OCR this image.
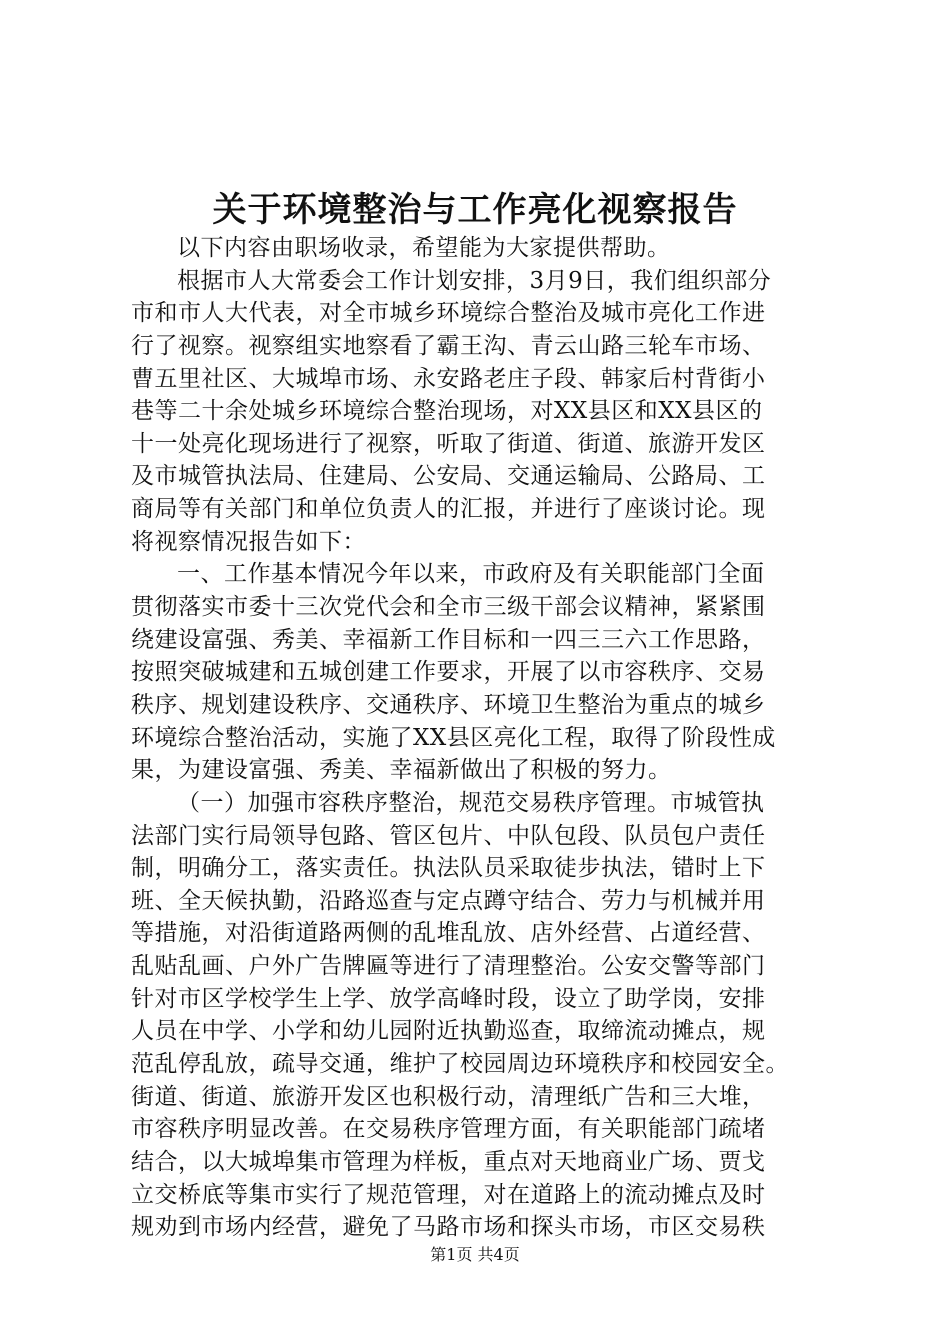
关于环境整治与工作亮化视察报告
以下内容由职场收录，希望能为大家提供帮助。
根据市人大常委会工作计划安排，3月9日，我们组织部分
市和市人大代表，对全市城乡环境综合整治及城市亮化工作进
行了视察。视察组实地察看了霸王沟、青云山路三轮车市场、
曹五里社区、大城埠市场、永安路老庄子段、韩家后村背街小
巷等二十余处城乡环境综合整治现场，对XX县区和XX县区的
十一处亮化现场进行了视察，听取了街道、街道、旅游开发区
及市城管执法局、住建局、公安局、交通运输局、公路局、工
商局等有关部门和单位负责人的汇报，并进行了座谈讨论。现
将视察情况报告如下：
一、工作基本情况今年以来，市政府及有关职能部门全面
贯彻落实市委十三次党代会和全市三级干部会议精神，紧紧围
绕建设富强、秀美、幸福新工作目标和一四三三六工作思路，
按照突破城建和五城创建工作要求，开展了以市容秩序、交易
秩序、规划建设秩序、交通秩序、环境卫生整治为重点的城乡
环境综合整治活动，实施了XX县区亮化工程，取得了阶段性成
果，为建设富强、秀美、幸福新做出了积极的努力。
（一）加强市容秩序整治，规范交易秩序管理。市城管执
法部门实行局领导包路、管区包片、中队包段、队员包户责任
制，明确分工，落实责任。执法队员采取徒步执法，错时上下
班、全天候执勤，沿路巡查与定点蹲守结合、劳力与机械并用
等措施，对沿街道路两侧的乱堆乱放、店外经营、占道经营、
乱贴乱画、户外广告牌匾等进行了清理整治。公安交警等部门
针对市区学校学生上学、放学高峰时段，设立了助学岗，安排
人员在中学、小学和幼儿园附近执勤巡查，取缔流动摊点，规
范乱停乱放，疏导交通，维护了校园周边环境秩序和校园安全。
街道、街道、旅游开发区也积极行动，清理纸广告和三大堆，
市容秩序明显改善。在交易秩序管理方面，有关职能部门疏堵
结合，以大城埠集市管理为样板，重点对天地商业广场、贾戈
立交桥底等集市实行了规范管理，对在道路上的流动摊点及时
规劝到市场内经营，避免了马路市场和探头市场，市区交易秩
第1页 共4页
